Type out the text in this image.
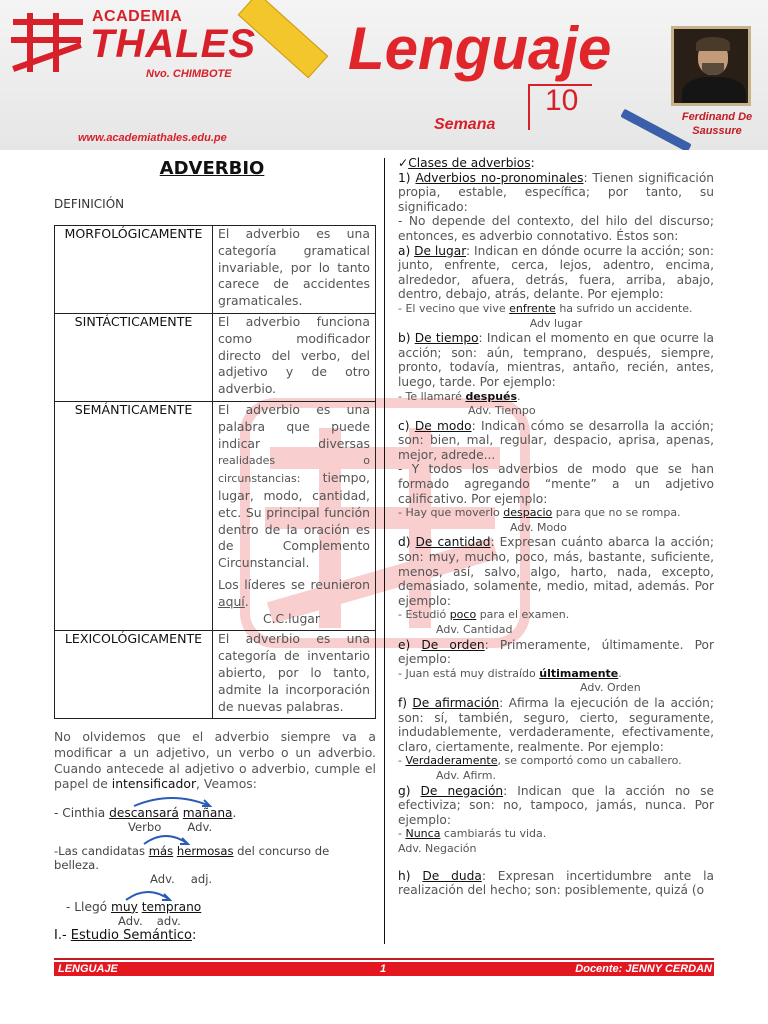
ACADEMIA
THALES
Nvo. CHIMBOTE
www.academiathales.edu.pe
Lenguaje
10
Semana	Ferdinand De
Saussure
ADVERBIO
DEFINICIÓN
MORFOLÓGICAMENTE	El adverbio es una categoría gramatical invariable, por lo tanto carece de accidentes gramaticales.
SINTÁCTICAMENTE	El adverbio funciona como modificador directo del verbo, del adjetivo y de otro adverbio.
SEMÁNTICAMENTE	El adverbio es una palabra que puede indicar diversas realidades o circunstancias: tiempo, lugar, modo, cantidad, etc. Su principal función dentro de la oración es de Complemento Circunstancial.
Los líderes se reunieron aquí.
C.C.lugar

LEXICOLÓGICAMENTE	El adverbio es una categoría de inventario abierto, por lo tanto, admite la incorporación de nuevas palabras.
No olvidemos que el adverbio siempre va a modificar a un adjetivo, un verbo o un adverbio. Cuando antecede al adjetivo o adverbio, cumple el papel de intensificador, Veamos:
- Cinthia descansará mañana.
Verbo Adv.
-Las candidatas más hermosas del concurso de belleza.
Adv. adj.
- Llegó muy temprano
Adv. adv.
I.- Estudio Semántico:
✓Clases de adverbios:
1) Adverbios no-pronominales: Tienen significación propia, estable, específica; por tanto, su significado:
- No depende del contexto, del hilo del discurso; entonces, es adverbio connotativo. Éstos son:
a) De lugar: Indican en dónde ocurre la acción; son: junto, enfrente, cerca, lejos, adentro, encima, alrededor, afuera, detrás, fuera, arriba, abajo, dentro, debajo, atrás, delante. Por ejemplo:
- El vecino que vive enfrente ha sufrido un accidente.
Adv lugar
b) De tiempo: Indican el momento en que ocurre la acción; son: aún, temprano, después, siempre, pronto, todavía, mientras, antaño, recién, antes, luego, tarde. Por ejemplo:
- Te llamaré después.
Adv. Tiempo
c) De modo: Indican cómo se desarrolla la acción; son: bien, mal, regular, despacio, aprisa, apenas, mejor, adrede...
- Y todos los adverbios de modo que se han formado agregando “mente” a un adjetivo calificativo. Por ejemplo:
- Hay que moverlo despacio para que no se rompa.
Adv. Modo
d) De cantidad: Expresan cuánto abarca la acción; son: muy, mucho, poco, más, bastante, suficiente, menos, así, salvo, algo, harto, nada, excepto, demasiado, solamente, medio, mitad, además. Por ejemplo:
- Estudió poco para el examen.
Adv. Cantidad
e) De orden: Primeramente, últimamente. Por ejemplo:
- Juan está muy distraído últimamente.
Adv. Orden
f) De afirmación: Afirma la ejecución de la acción; son: sí, también, seguro, cierto, seguramente, indudablemente, verdaderamente, efectivamente, claro, ciertamente, realmente. Por ejemplo:
- Verdaderamente, se comportó como un caballero.
Adv. Afirm.
g) De negación: Indican que la acción no se efectiviza; son: no, tampoco, jamás, nunca. Por ejemplo:
- Nunca cambiarás tu vida.
Adv. Negación
h) De duda: Expresan incertidumbre ante la realización del hecho; son: posiblemente, quizá (o
LENGUAJE	1	Docente: JENNY CERDAN
